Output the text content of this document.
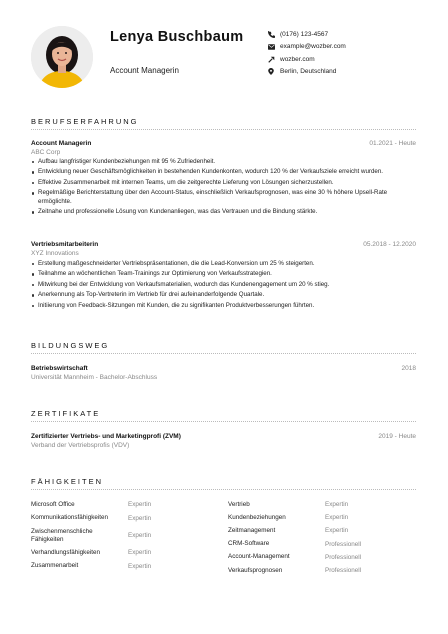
Lenya Buschbaum
Account Managerin
(0176) 123-4567
example@wozber.com
wozber.com
Berlin, Deutschland
BERUFSERFAHRUNG
Account Managerin	01.2021 - Heute
ABC Corp
Aufbau langfristiger Kundenbeziehungen mit 95 % Zufriedenheit.
Entwicklung neuer Geschäftsmöglichkeiten in bestehenden Kundenkonten, wodurch 120 % der Verkaufsziele erreicht wurden.
Effektive Zusammenarbeit mit internen Teams, um die zeitgerechte Lieferung von Lösungen sicherzustellen.
Regelmäßige Berichterstattung über den Account-Status, einschließlich Verkaufsprognosen, was eine 30 % höhere Upsell-Rate ermöglichte.
Zeitnahe und professionelle Lösung von Kundenanliegen, was das Vertrauen und die Bindung stärkte.
Vertriebsmitarbeiterin	05.2018 - 12.2020
XYZ Innovations
Erstellung maßgeschneiderter Vertriebspräsentationen, die die Lead-Konversion um 25 % steigerten.
Teilnahme an wöchentlichen Team-Trainings zur Optimierung von Verkaufsstrategien.
Mitwirkung bei der Entwicklung von Verkaufsmaterialien, wodurch das Kundenengagement um 20 % stieg.
Anerkennung als Top-Vertreterin im Vertrieb für drei aufeinanderfolgende Quartale.
Initiierung von Feedback-Sitzungen mit Kunden, die zu signifikanten Produktverbesserungen führten.
BILDUNGSWEG
Betriebswirtschaft	2018
Universität Mannheim - Bachelor-Abschluss
ZERTIFIKATE
Zertifizierter Vertriebs- und Marketingprofi (ZVM)	2019 - Heute
Verband der Vertriebsprofis (VDV)
FÄHIGKEITEN
Microsoft Office	Expertin
Kommunikationsfähigkeiten	Expertin
Zwischenmenschliche Fähigkeiten	Expertin
Verhandlungsfähigkeiten	Expertin
Zusammenarbeit	Expertin
Vertrieb	Expertin
Kundenbeziehungen	Expertin
Zeitmanagement	Expertin
CRM-Software	Professionell
Account-Management	Professionell
Verkaufsprognosen	Professionell
